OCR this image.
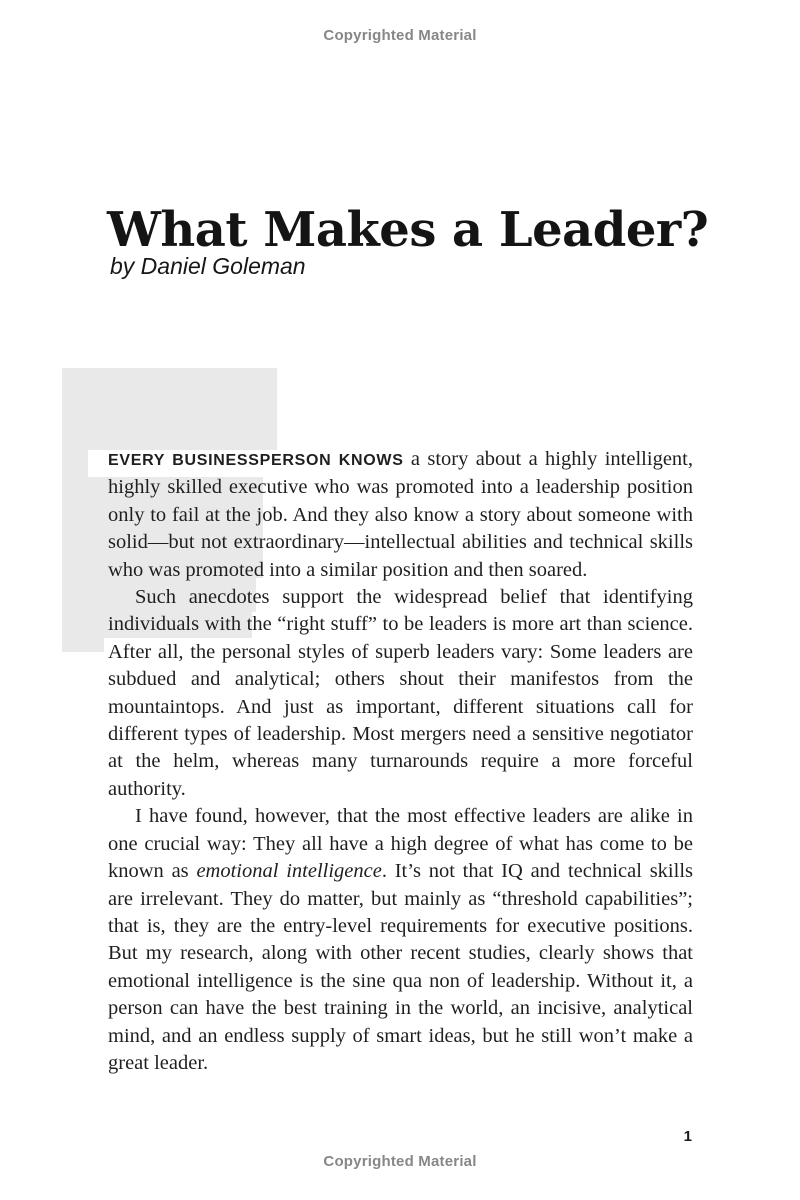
Copyrighted Material
What Makes a Leader?
by Daniel Goleman

EVERY BUSINESSPERSON KNOWS a story about a highly intelligent, highly skilled executive who was promoted into a leadership position only to fail at the job. And they also know a story about someone with solid—but not extraordinary—intellectual abilities and technical skills who was promoted into a similar position and then soared.

Such anecdotes support the widespread belief that identifying individuals with the “right stuff” to be leaders is more art than science. After all, the personal styles of superb leaders vary: Some leaders are subdued and analytical; others shout their manifestos from the mountaintops. And just as important, different situations call for different types of leadership. Most mergers need a sensitive negotiator at the helm, whereas many turnarounds require a more forceful authority.

I have found, however, that the most effective leaders are alike in one crucial way: They all have a high degree of what has come to be known as emotional intelligence. It’s not that IQ and technical skills are irrelevant. They do matter, but mainly as “threshold capabilities”; that is, they are the entry-level requirements for executive positions. But my research, along with other recent studies, clearly shows that emotional intelligence is the sine qua non of leadership. Without it, a person can have the best training in the world, an incisive, analytical mind, and an endless supply of smart ideas, but he still won’t make a great leader.

1
Copyrighted Material
